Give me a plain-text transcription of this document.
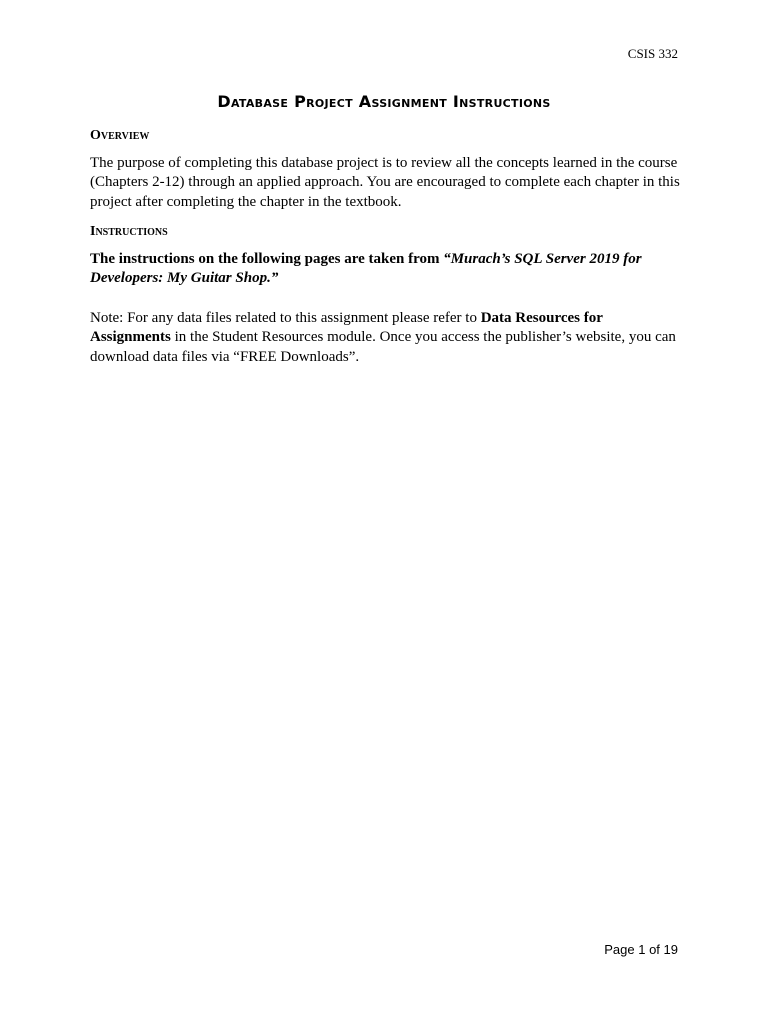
CSIS 332
Database Project Assignment Instructions
Overview

The purpose of completing this database project is to review all the concepts learned in the course (Chapters 2-12) through an applied approach. You are encouraged to complete each chapter in this project after completing the chapter in the textbook.

Instructions

The instructions on the following pages are taken from “Murach’s SQL Server 2019 for Developers: My Guitar Shop.”

Note: For any data files related to this assignment please refer to Data Resources for Assignments in the Student Resources module. Once you access the publisher’s website, you can download data files via “FREE Downloads”.

Page 1 of 19
